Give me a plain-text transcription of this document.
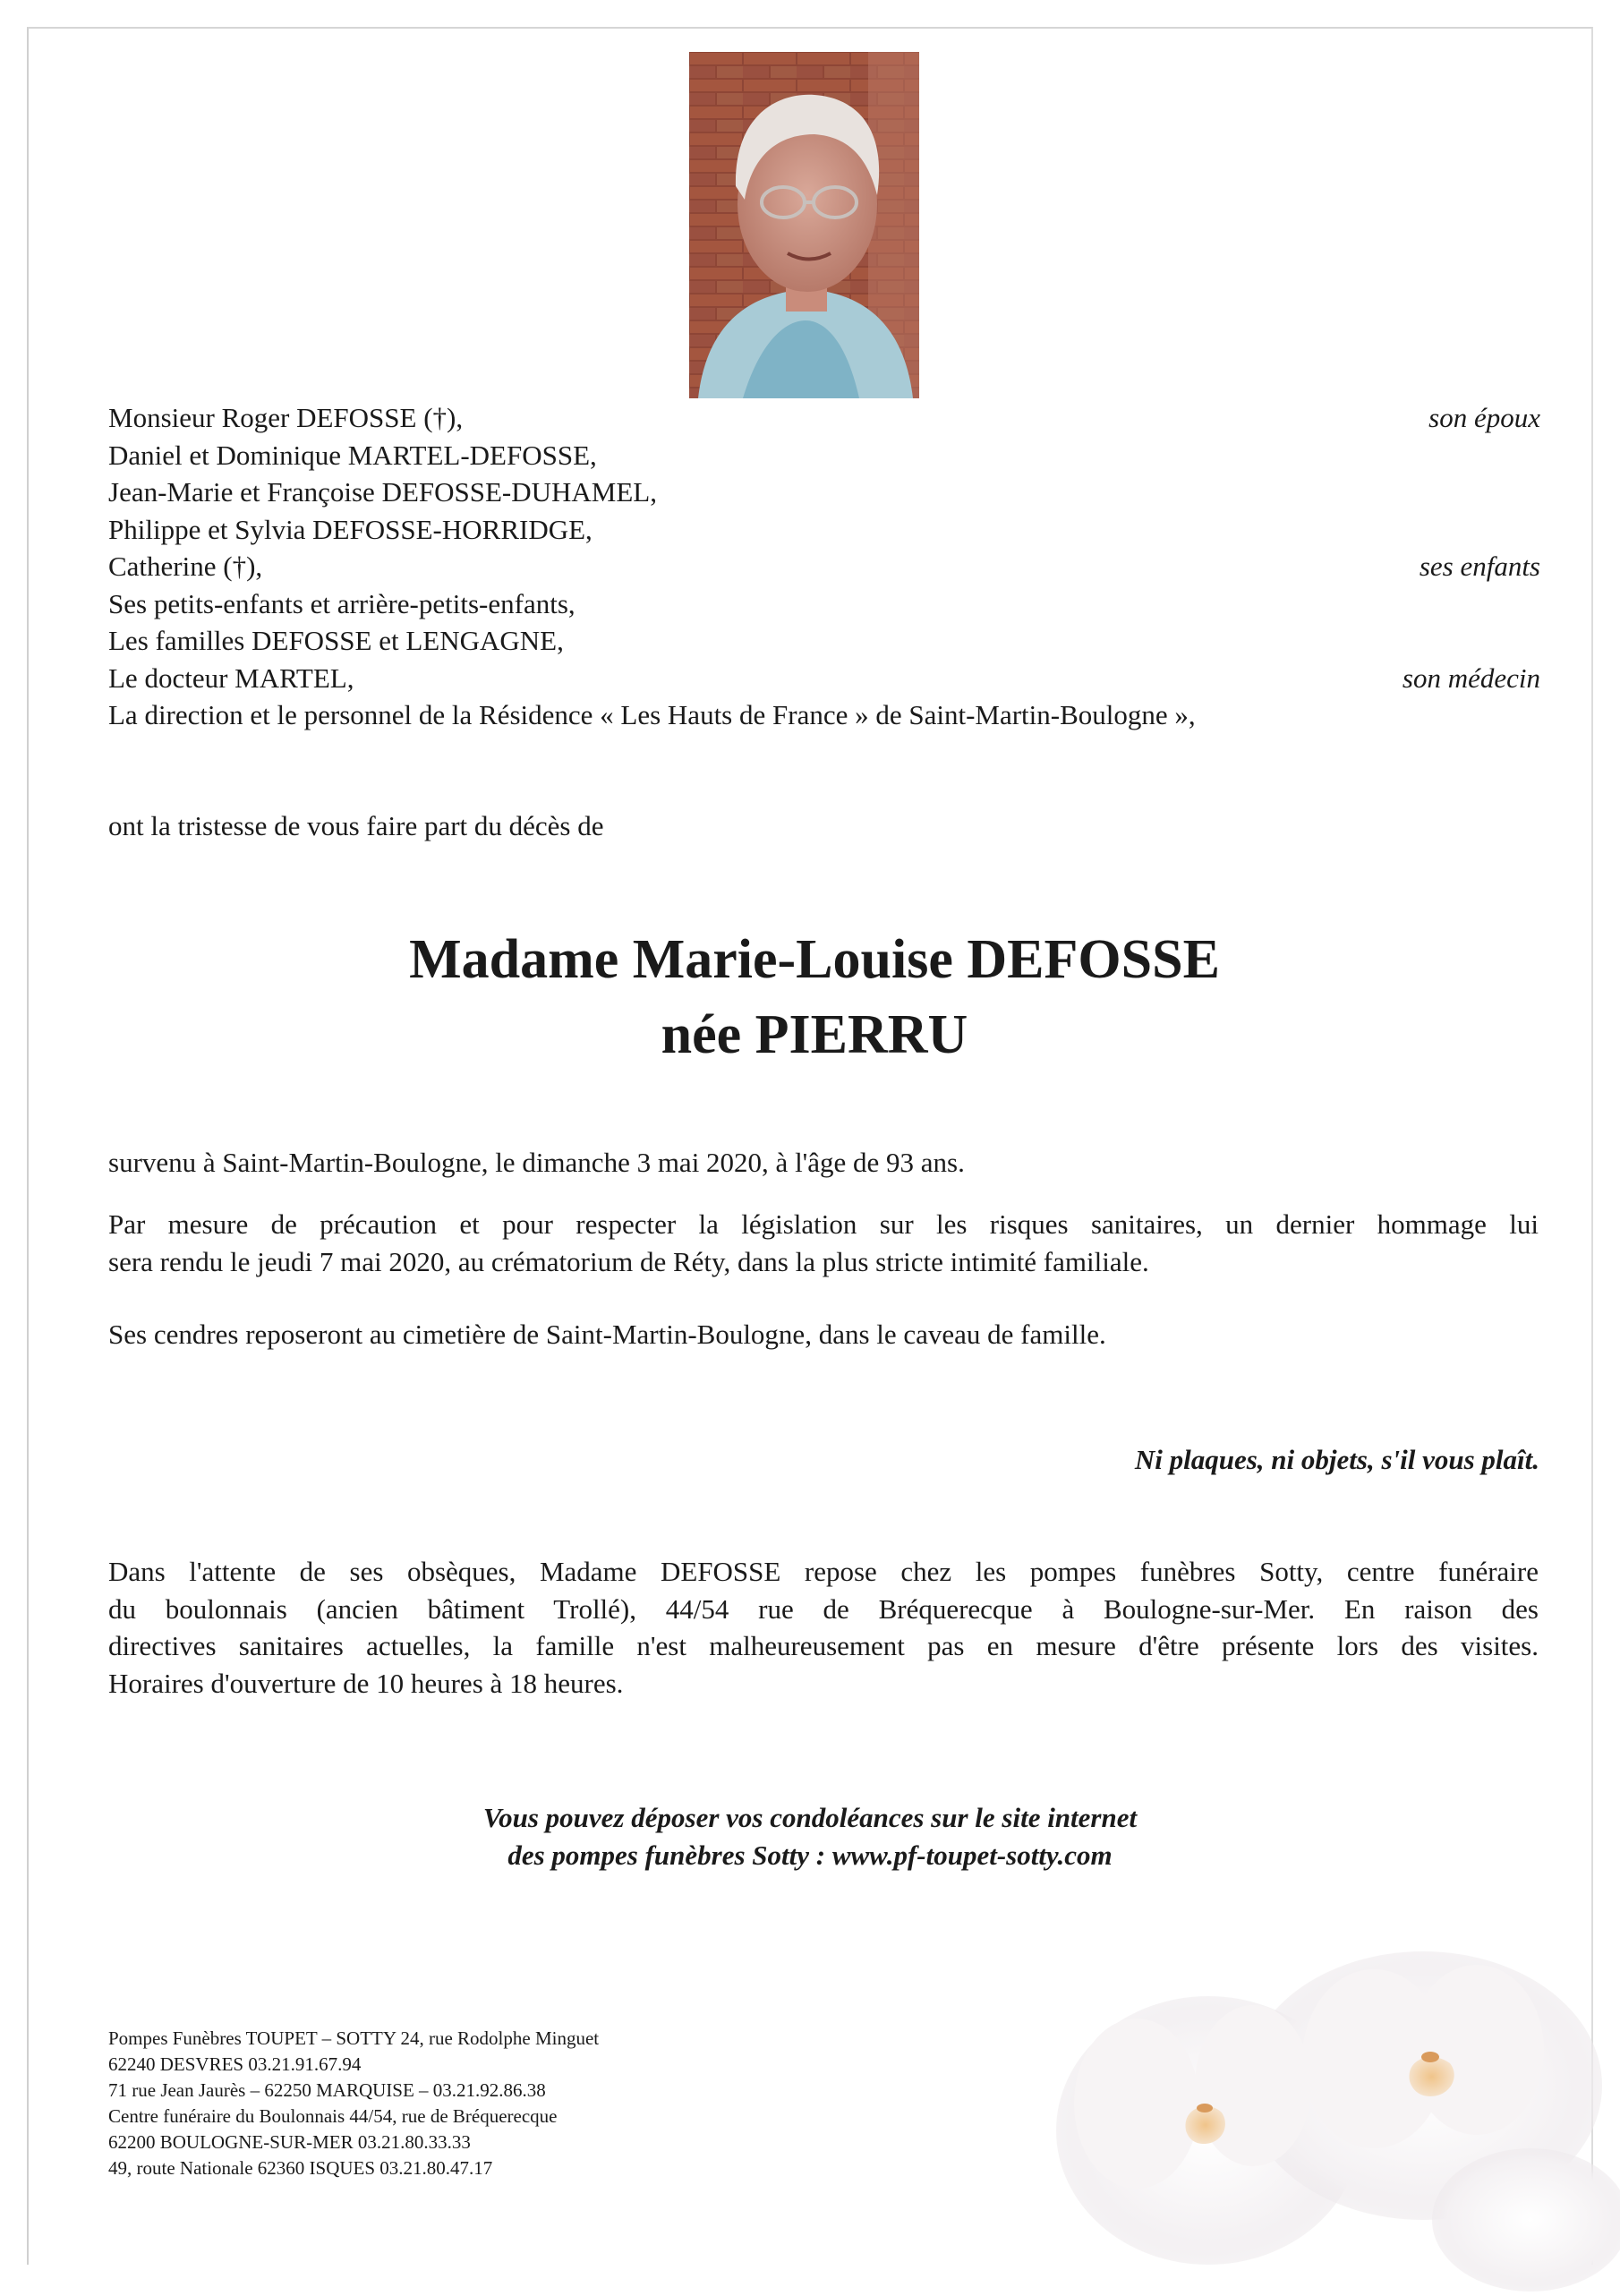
Monsieur Roger DEFOSSE (†),	son époux
Daniel et Dominique MARTEL-DEFOSSE,
Jean-Marie et Françoise DEFOSSE-DUHAMEL,
Philippe et Sylvia DEFOSSE-HORRIDGE,
Catherine (†),	ses enfants
Ses petits-enfants et arrière-petits-enfants,
Les familles DEFOSSE et LENGAGNE,
Le docteur MARTEL,	son médecin
La direction et le personnel de la Résidence « Les Hauts de France » de Saint-Martin-Boulogne »,
ont la tristesse de vous faire part du décès de
Madame Marie-Louise DEFOSSE
née PIERRU
survenu à Saint-Martin-Boulogne, le dimanche 3 mai 2020, à l'âge de 93 ans.
Par mesure de précaution et pour respecter la législation sur les risques sanitaires, un dernier hommage lui
sera rendu le jeudi 7 mai 2020, au crématorium de Réty, dans la plus stricte intimité familiale.
Ses cendres reposeront au cimetière de Saint-Martin-Boulogne, dans le caveau de famille.
Ni plaques, ni objets, s'il vous plaît.
Dans l'attente de ses obsèques, Madame DEFOSSE repose chez les pompes funèbres Sotty, centre funéraire
du boulonnais (ancien bâtiment Trollé), 44/54 rue de Bréquerecque à Boulogne-sur-Mer. En raison des
directives sanitaires actuelles, la famille n'est malheureusement pas en mesure d'être présente lors des visites.
Horaires d'ouverture de 10 heures à 18 heures.
Vous pouvez déposer vos condoléances sur le site internet
des pompes funèbres Sotty : www.pf-toupet-sotty.com
Pompes Funèbres TOUPET – SOTTY 24, rue Rodolphe Minguet
62240 DESVRES 03.21.91.67.94
71 rue Jean Jaurès – 62250 MARQUISE – 03.21.92.86.38
Centre funéraire du Boulonnais 44/54, rue de Bréquerecque
62200 BOULOGNE-SUR-MER 03.21.80.33.33
49, route Nationale 62360 ISQUES 03.21.80.47.17
